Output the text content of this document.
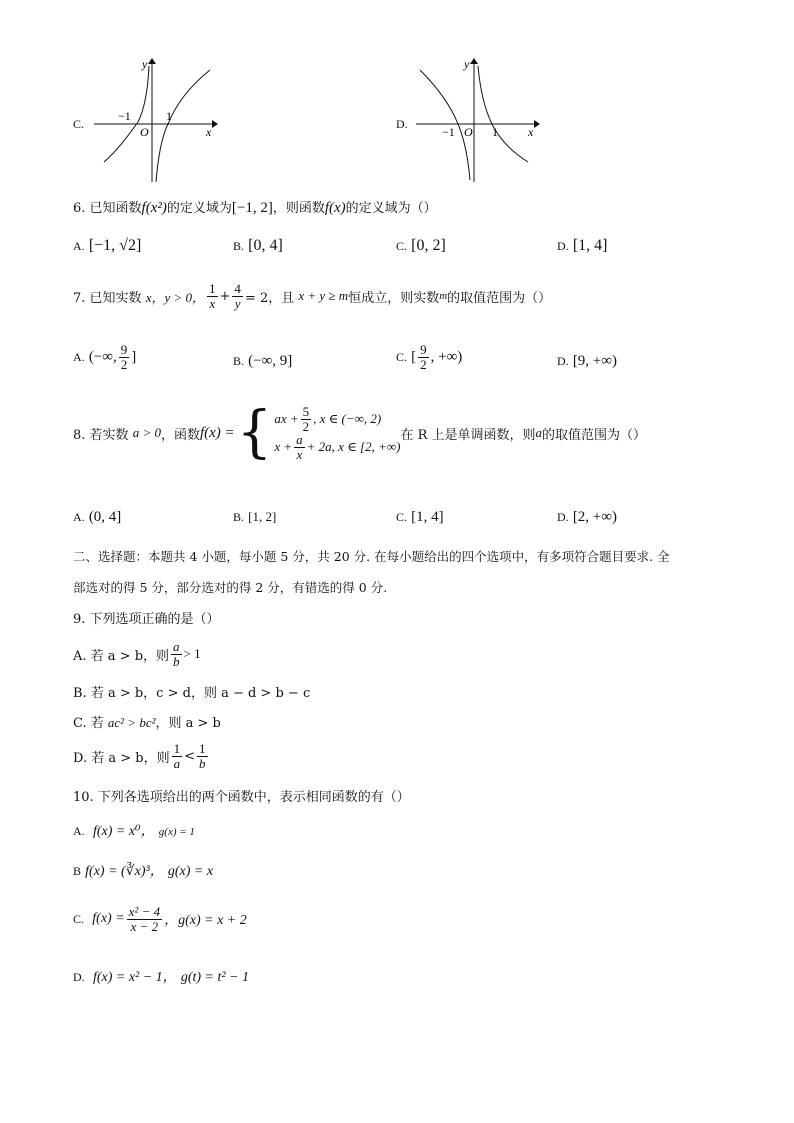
C.
y
x
O
−1	1
D.
y
x
O
−1	1
6. 已知函数f(x²)的定义域为[−1, 2]，则函数f(x)的定义域为（）
A. [−1, √2]	B. [0, 4]	C. [0, 2]	D. [1, 4]
7. 已知实数
x，y > 0， $\frac{1}{x} + \frac{4}{y} = 2$，且
x + y ≥ m 恒成立，则实数 m 的取值范围为（）
A.
(−∞, $\frac{9}{2}$ ]	B. (−∞, 9]	C.
[ $\frac{9}{2}$ , +∞)	D. [9, +∞)
8. 若实数
a > 0 ，函数 f(x) = { ax + $\frac{5}{2}$ , x ∈ (−∞, 2)
$x + \frac{a}{x} + 2a$, x ∈ [2, +∞)
在 R 上是单调函数，则 a 的取值范围为（）
A. (0, 4]	B. [1, 2]	C. [1, 4]	D. [2, +∞)
二、选择题：本题共 4 小题，每小题 5 分，共 20 分. 在每小题给出的四个选项中，有多项符合题目要求. 全
部选对的得 5 分，部分选对的得 2 分，有错选的得 0 分.
9. 下列选项正确的是（）
A. 若 a > b，则 $\frac{a}{b} > 1$
B. 若 a > b，c > d，则 a − d > b − c
C. 若 ac² > bc²，则 a > b
D. 若 a > b，则 $\frac{1}{a} < \frac{1}{b}$
10. 下列各选项给出的两个函数中，表示相同函数的有（）
A. f(x) = x⁰， g(x) = 1
B f(x) = (∛x)³， g(x) = x
C.
$f(x) = \frac{\text{x² − 4}}{x - 2}$ ，g(x) = x + 2
D. f(x) = x² − 1， g(t) = t² − 1
